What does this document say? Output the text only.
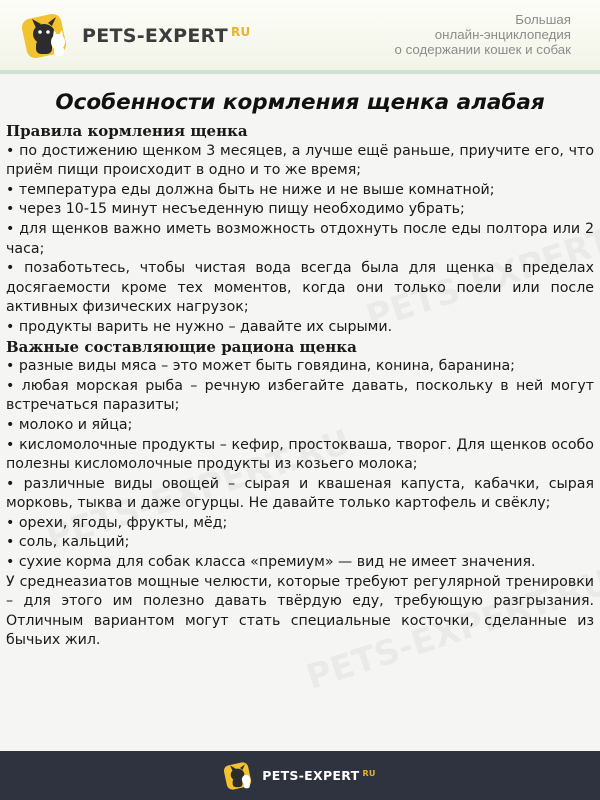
PETS-EXPERT $^{RU}$
Большая
онлайн-энциклопедия
о содержании кошек и собак
Особенности кормления щенка алабая
Правила кормления щенка

• по достижению щенком 3 месяцев, а лучше ещё раньше, приучите его, что приём пищи происходит в одно и то же время;

• температура еды должна быть не ниже и не выше комнатной;

• через 10-15 минут несъеденную пищу необходимо убрать;

• для щенков важно иметь возможность отдохнуть после еды полтора или 2 часа;

• позаботьтесь, чтобы чистая вода всегда была для щенка в пределах досягаемости кроме тех моментов, когда они только поели или после активных физических нагрузок;

• продукты варить не нужно – давайте их сырыми.

Важные составляющие рациона щенка

• разные виды мяса – это может быть говядина, конина, баранина;

• любая морская рыба – речную избегайте давать, поскольку в ней могут встречаться паразиты;

• молоко и яйца;

• кисломолочные продукты – кефир, простокваша, творог. Для щенков особо полезны кисломолочные продукты из козьего молока;

• различные виды овощей – сырая и квашеная капуста, кабачки, сырая морковь, тыква и даже огурцы. Не давайте только картофель и свёклу;

• орехи, ягоды, фрукты, мёд;

• соль, кальций;

• сухие корма для собак класса «премиум» — вид не имеет значения.

У среднеазиатов мощные челюсти, которые требуют регулярной тренировки – для этого им полезно давать твёрдую еду, требующую разгрызания. Отличным вариантом могут стать специальные косточки, сделанные из бычьих жил.

PETS-EXPERT $^{RU}$
